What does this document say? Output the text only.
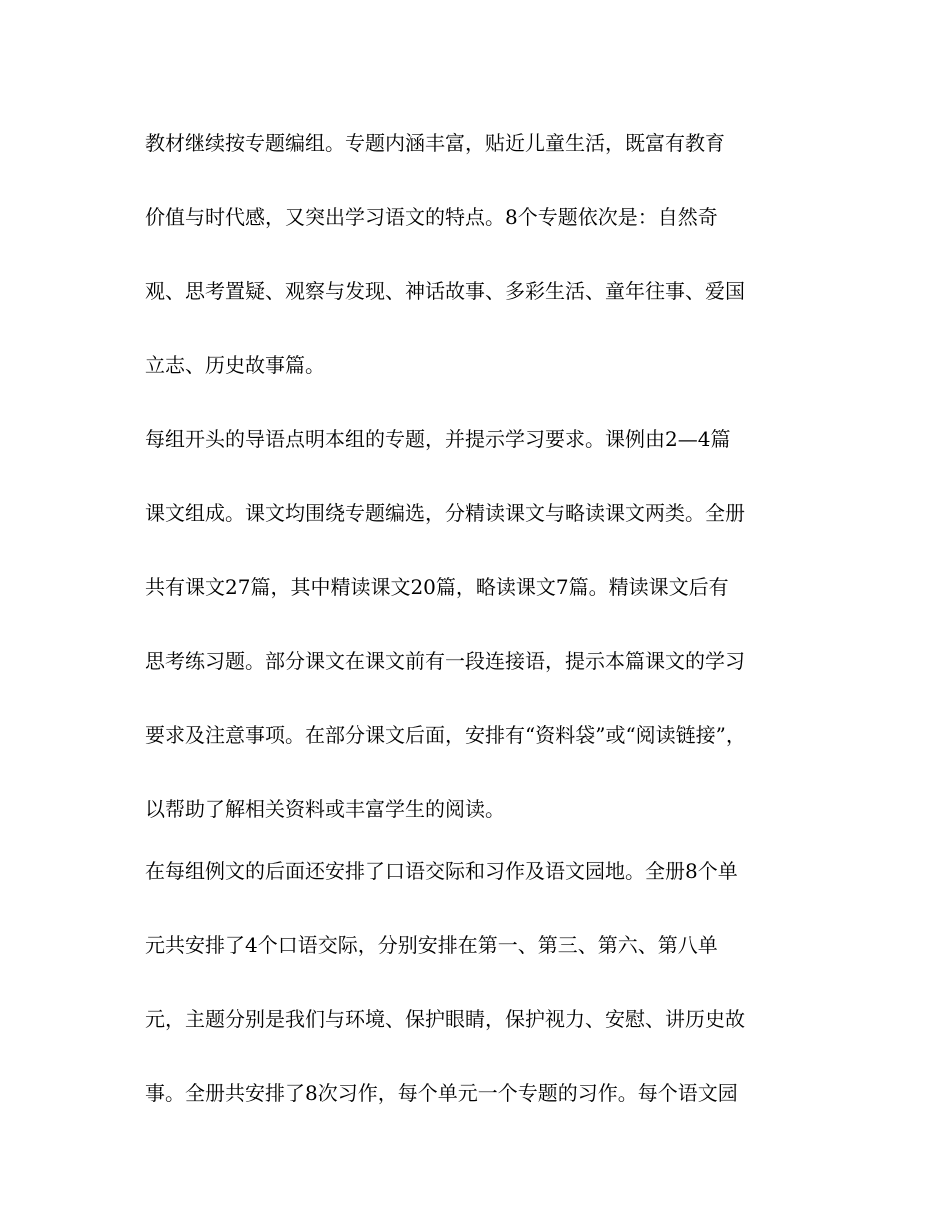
教材继续按专题编组。专题内涵丰富，贴近儿童生活，既富有教育
价值与时代感，又突出学习语文的特点。8个专题依次是：自然奇
观、思考置疑、观察与发现、神话故事、多彩生活、童年往事、爱国
立志、历史故事篇。
每组开头的导语点明本组的专题，并提示学习要求。课例由2—4篇
课文组成。课文均围绕专题编选，分精读课文与略读课文两类。全册
共有课文27篇，其中精读课文20篇，略读课文7篇。精读课文后有
思考练习题。部分课文在课文前有一段连接语，提示本篇课文的学习
要求及注意事项。在部分课文后面，安排有“资料袋”或“阅读链接”，
以帮助了解相关资料或丰富学生的阅读。
在每组例文的后面还安排了口语交际和习作及语文园地。全册8个单
元共安排了4个口语交际，分别安排在第一、第三、第六、第八单
元，主题分别是我们与环境、保护眼睛，保护视力、安慰、讲历史故
事。全册共安排了8次习作，每个单元一个专题的习作。每个语文园
